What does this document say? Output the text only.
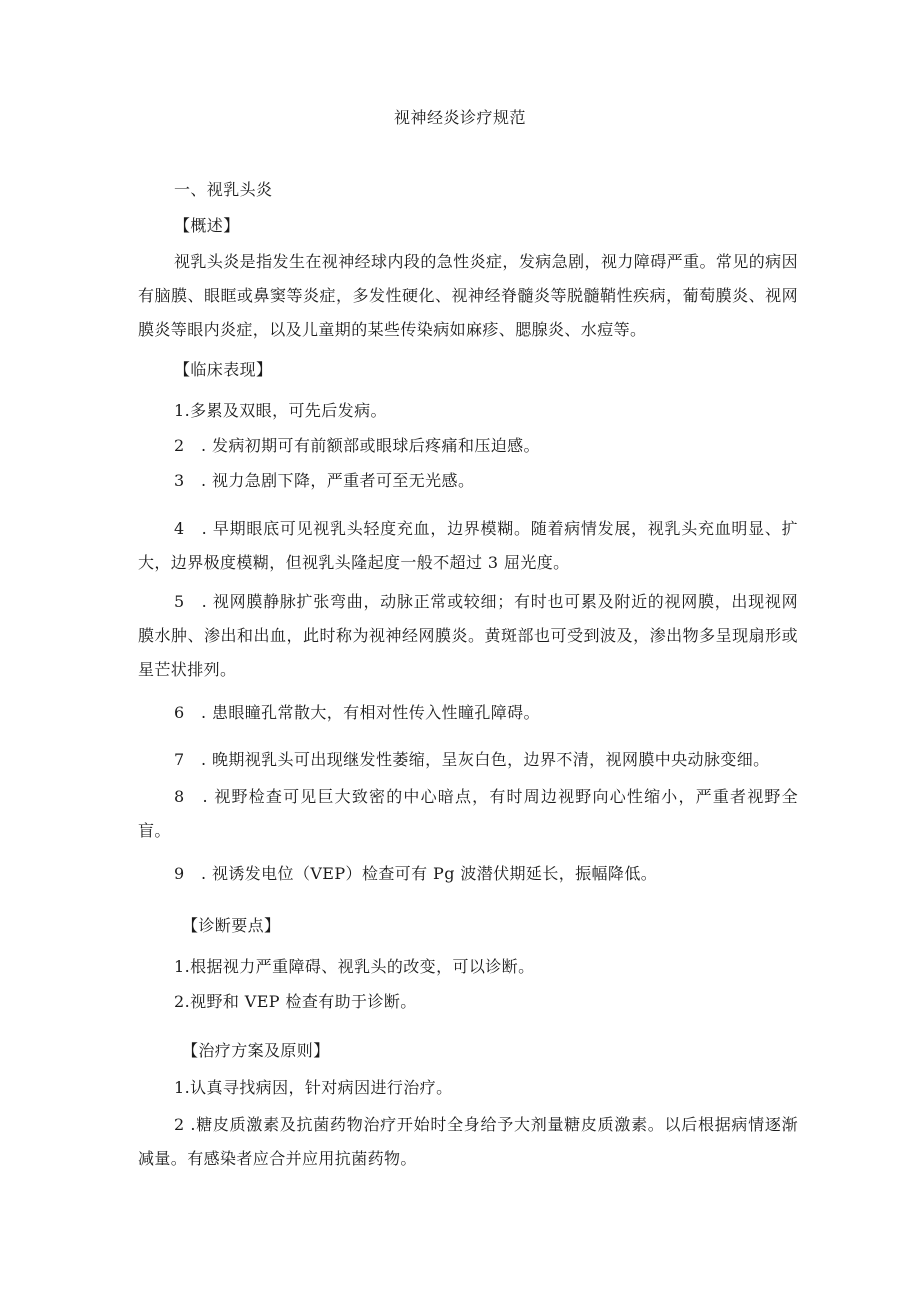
视神经炎诊疗规范
一、视乳头炎
【概述】
视乳头炎是指发生在视神经球内段的急性炎症，发病急剧，视力障碍严重。常见的病因有脑膜、眼眶或鼻窦等炎症，多发性硬化、视神经脊髓炎等脱髓鞘性疾病，葡萄膜炎、视网膜炎等眼内炎症，以及儿童期的某些传染病如麻疹、腮腺炎、水痘等。
【临床表现】
1.多累及双眼，可先后发病。
2　. 发病初期可有前额部或眼球后疼痛和压迫感。
3　. 视力急剧下降，严重者可至无光感。
4　. 早期眼底可见视乳头轻度充血，边界模糊。随着病情发展，视乳头充血明显、扩大，边界极度模糊，但视乳头隆起度一般不超过 3 屈光度。
5　. 视网膜静脉扩张弯曲，动脉正常或较细；有时也可累及附近的视网膜，出现视网膜水肿、渗出和出血，此时称为视神经网膜炎。黄斑部也可受到波及，渗出物多呈现扇形或星芒状排列。
6　. 患眼瞳孔常散大，有相对性传入性瞳孔障碍。
7　. 晚期视乳头可出现继发性萎缩，呈灰白色，边界不清，视网膜中央动脉变细。
8　. 视野检查可见巨大致密的中心暗点，有时周边视野向心性缩小，严重者视野全盲。
9　. 视诱发电位（VEP）检查可有 Pg 波潜伏期延长，振幅降低。
【诊断要点】
1.根据视力严重障碍、视乳头的改变，可以诊断。
2.视野和 VEP 检查有助于诊断。
【治疗方案及原则】
1.认真寻找病因，针对病因进行治疗。
2 .糖皮质激素及抗菌药物治疗开始时全身给予大剂量糖皮质激素。以后根据病情逐渐减量。有感染者应合并应用抗菌药物。
